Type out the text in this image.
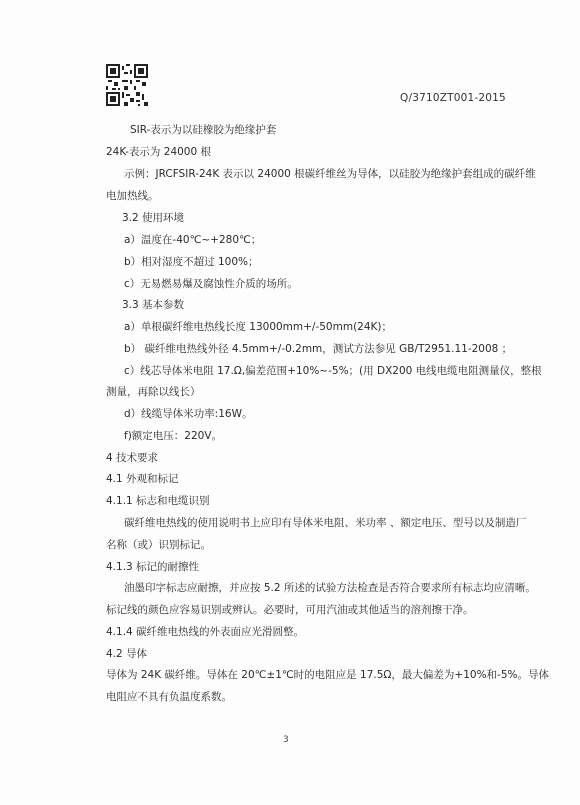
Q/3710ZT001-2015
SIR-表示为以硅橡胶为绝缘护套
24K-表示为 24000 根
示例：JRCFSIR-24K 表示以 24000 根碳纤维丝为导体，以硅胶为绝缘护套组成的碳纤维
电加热线。
3.2 使用环境
a）温度在-40℃~+280℃；
b）相对湿度不超过 100%；
c）无易燃易爆及腐蚀性介质的场所。
3.3 基本参数
a）单根碳纤维电热线长度 13000mm+/-50mm(24K)；
b） 碳纤维电热线外径 4.5mm+/-0.2mm，测试方法参见 GB/T2951.11-2008 ；
c）线芯导体米电阻 17.Ω,偏差范围+10%~-5%；(用 DX200 电线电缆电阻测量仪，整根
测量，再除以线长）
d）线缆导体米功率:16W。
f)额定电压：220V。
4 技术要求
4.1 外观和标记
4.1.1 标志和电缆识别
碳纤维电热线的使用说明书上应印有导体米电阻、米功率 、额定电压、型号以及制造厂
名称（或）识别标记。
4.1.3 标记的耐擦性
油墨印字标志应耐擦，并应按 5.2 所述的试验方法检查是否符合要求所有标志均应清晰。
标记线的颜色应容易识别或辨认。必要时，可用汽油或其他适当的溶剂擦干净。
4.1.4 碳纤维电热线的外表面应光滑圆整。
4.2 导体
导体为 24K 碳纤维。导体在 20℃±1℃时的电阻应是 17.5Ω，最大偏差为+10%和-5%。导体
电阻应不具有负温度系数。
3
